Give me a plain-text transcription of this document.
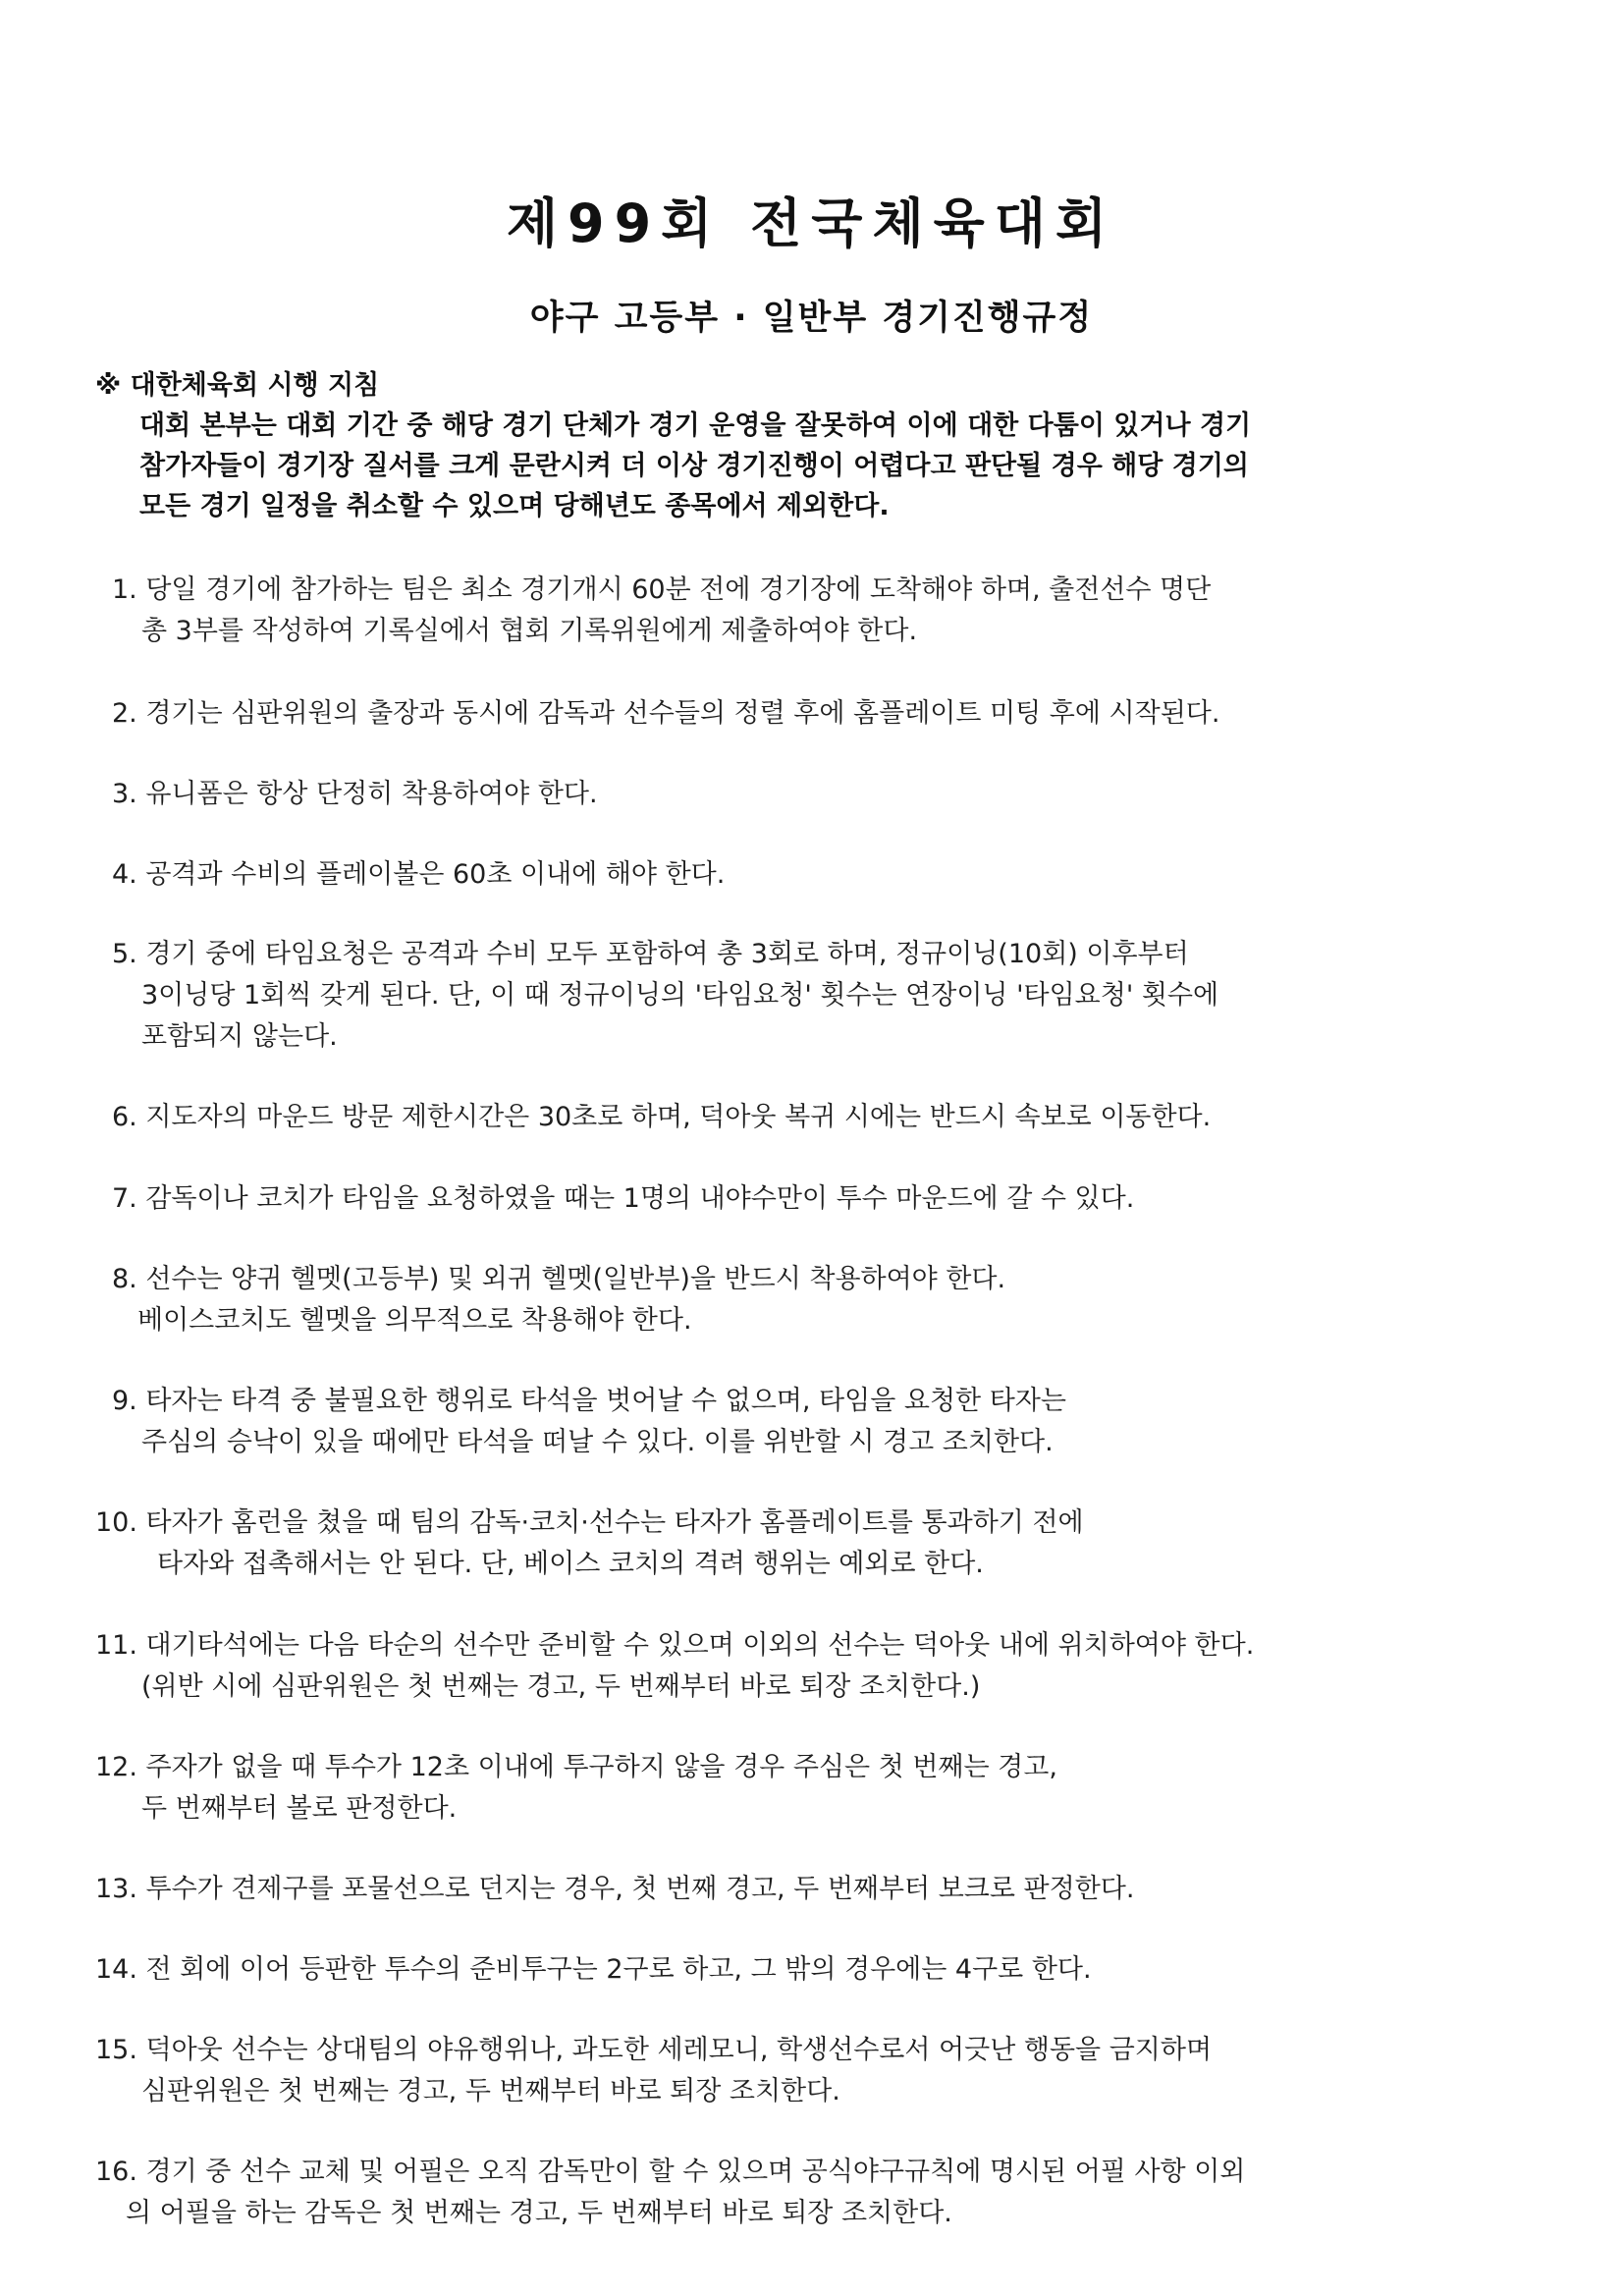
제99회 전국체육대회
야구 고등부 · 일반부 경기진행규정
※ 대한체육회 시행 지침
대회 본부는 대회 기간 중 해당 경기 단체가 경기 운영을 잘못하여 이에 대한 다툼이 있거나 경기
참가자들이 경기장 질서를 크게 문란시켜 더 이상 경기진행이 어렵다고 판단될 경우 해당 경기의
모든 경기 일정을 취소할 수 있으며 당해년도 종목에서 제외한다.
1. 당일 경기에 참가하는 팀은 최소 경기개시 60분 전에 경기장에 도착해야 하며, 출전선수 명단
총 3부를 작성하여 기록실에서 협회 기록위원에게 제출하여야 한다.
2. 경기는 심판위원의 출장과 동시에 감독과 선수들의 정렬 후에 홈플레이트 미팅 후에 시작된다.
3. 유니폼은 항상 단정히 착용하여야 한다.
4. 공격과 수비의 플레이볼은 60초 이내에 해야 한다.
5. 경기 중에 타임요청은 공격과 수비 모두 포함하여 총 3회로 하며, 정규이닝(10회) 이후부터
3이닝당 1회씩 갖게 된다. 단, 이 때 정규이닝의 '타임요청' 횟수는 연장이닝 '타임요청' 횟수에
포함되지 않는다.
6. 지도자의 마운드 방문 제한시간은 30초로 하며, 덕아웃 복귀 시에는 반드시 속보로 이동한다.
7. 감독이나 코치가 타임을 요청하였을 때는 1명의 내야수만이 투수 마운드에 갈 수 있다.
8. 선수는 양귀 헬멧(고등부) 및 외귀 헬멧(일반부)을 반드시 착용하여야 한다.
베이스코치도 헬멧을 의무적으로 착용해야 한다.
9. 타자는 타격 중 불필요한 행위로 타석을 벗어날 수 없으며, 타임을 요청한 타자는
주심의 승낙이 있을 때에만 타석을 떠날 수 있다. 이를 위반할 시 경고 조치한다.
10. 타자가 홈런을 쳤을 때 팀의 감독·코치·선수는 타자가 홈플레이트를 통과하기 전에
타자와 접촉해서는 안 된다. 단, 베이스 코치의 격려 행위는 예외로 한다.
11. 대기타석에는 다음 타순의 선수만 준비할 수 있으며 이외의 선수는 덕아웃 내에 위치하여야 한다.
(위반 시에 심판위원은 첫 번째는 경고, 두 번째부터 바로 퇴장 조치한다.)
12. 주자가 없을 때 투수가 12초 이내에 투구하지 않을 경우 주심은 첫 번째는 경고,
두 번째부터 볼로 판정한다.
13. 투수가 견제구를 포물선으로 던지는 경우, 첫 번째 경고, 두 번째부터 보크로 판정한다.
14. 전 회에 이어 등판한 투수의 준비투구는 2구로 하고, 그 밖의 경우에는 4구로 한다.
15. 덕아웃 선수는 상대팀의 야유행위나, 과도한 세레모니, 학생선수로서 어긋난 행동을 금지하며
심판위원은 첫 번째는 경고, 두 번째부터 바로 퇴장 조치한다.
16. 경기 중 선수 교체 및 어필은 오직 감독만이 할 수 있으며 공식야구규칙에 명시된 어필 사항 이외
의 어필을 하는 감독은 첫 번째는 경고, 두 번째부터 바로 퇴장 조치한다.
